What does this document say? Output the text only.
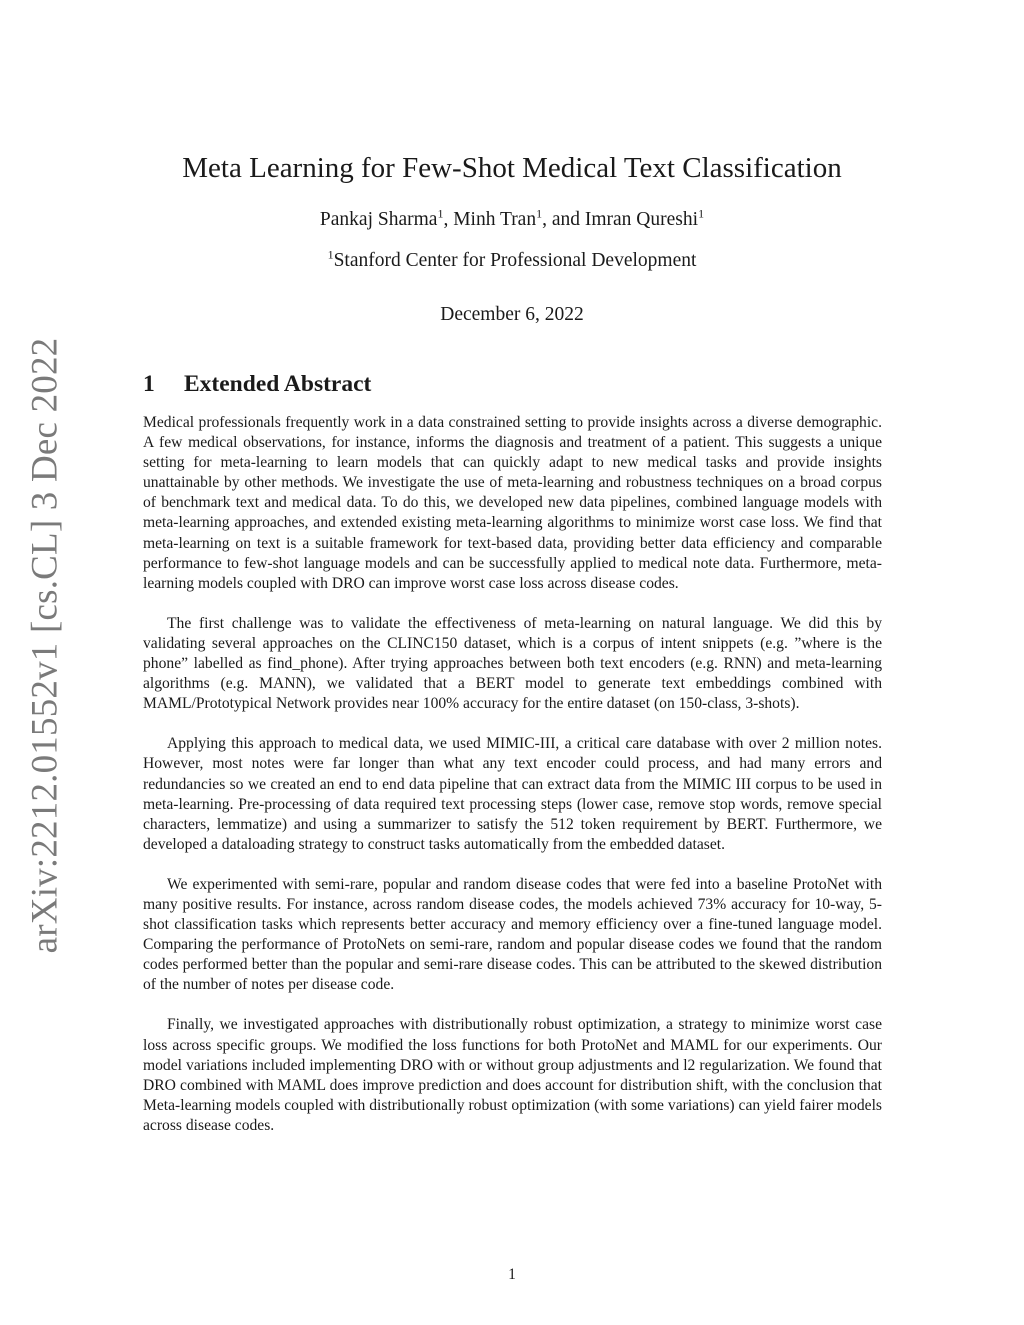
arXiv:2212.01552v1 [cs.CL] 3 Dec 2022
Meta Learning for Few-Shot Medical Text Classification
Pankaj Sharma$^1$, Minh Tran$^1$, and Imran Qureshi$^1$
$^1$Stanford Center for Professional Development
December 6, 2022
1 Extended Abstract

Medical professionals frequently work in a data constrained setting to provide insights across a diverse demographic. A few medical observations, for instance, informs the diagnosis and treatment of a patient. This suggests a unique setting for meta-learning to learn models that can quickly adapt to new medical tasks and provide insights unattainable by other methods. We investigate the use of meta-learning and robustness techniques on a broad corpus of benchmark text and medical data. To do this, we developed new data pipelines, combined language models with meta-learning approaches, and extended existing meta-learning algorithms to minimize worst case loss. We find that meta-learning on text is a suitable framework for text-based data, providing better data efficiency and comparable performance to few-shot language models and can be successfully applied to medical note data. Furthermore, meta-learning models coupled with DRO can improve worst case loss across disease codes.

The first challenge was to validate the effectiveness of meta-learning on natural language. We did this by validating several approaches on the CLINC150 dataset, which is a corpus of intent snippets (e.g. ”where is the phone” labelled as find_phone). After trying approaches between both text encoders (e.g. RNN) and meta-learning algorithms (e.g. MANN), we validated that a BERT model to generate text embeddings combined with MAML/Prototypical Network provides near 100% accuracy for the entire dataset (on 150-class, 3-shots).

Applying this approach to medical data, we used MIMIC-III, a critical care database with over 2 million notes. However, most notes were far longer than what any text encoder could process, and had many errors and redundancies so we created an end to end data pipeline that can extract data from the MIMIC III corpus to be used in meta-learning. Pre-processing of data required text processing steps (lower case, remove stop words, remove special characters, lemmatize) and using a summarizer to satisfy the 512 token requirement by BERT. Furthermore, we developed a dataloading strategy to construct tasks automatically from the embedded dataset.

We experimented with semi-rare, popular and random disease codes that were fed into a baseline ProtoNet with many positive results. For instance, across random disease codes, the models achieved 73% accuracy for 10-way, 5-shot classification tasks which represents better accuracy and memory efficiency over a fine-tuned language model. Comparing the performance of ProtoNets on semi-rare, random and popular disease codes we found that the random codes performed better than the popular and semi-rare disease codes. This can be attributed to the skewed distribution of the number of notes per disease code.

Finally, we investigated approaches with distributionally robust optimization, a strategy to minimize worst case loss across specific groups. We modified the loss functions for both ProtoNet and MAML for our experiments. Our model variations included implementing DRO with or without group adjustments and l2 regularization. We found that DRO combined with MAML does improve prediction and does account for distribution shift, with the conclusion that Meta-learning models coupled with distributionally robust optimization (with some variations) can yield fairer models across disease codes.

1
